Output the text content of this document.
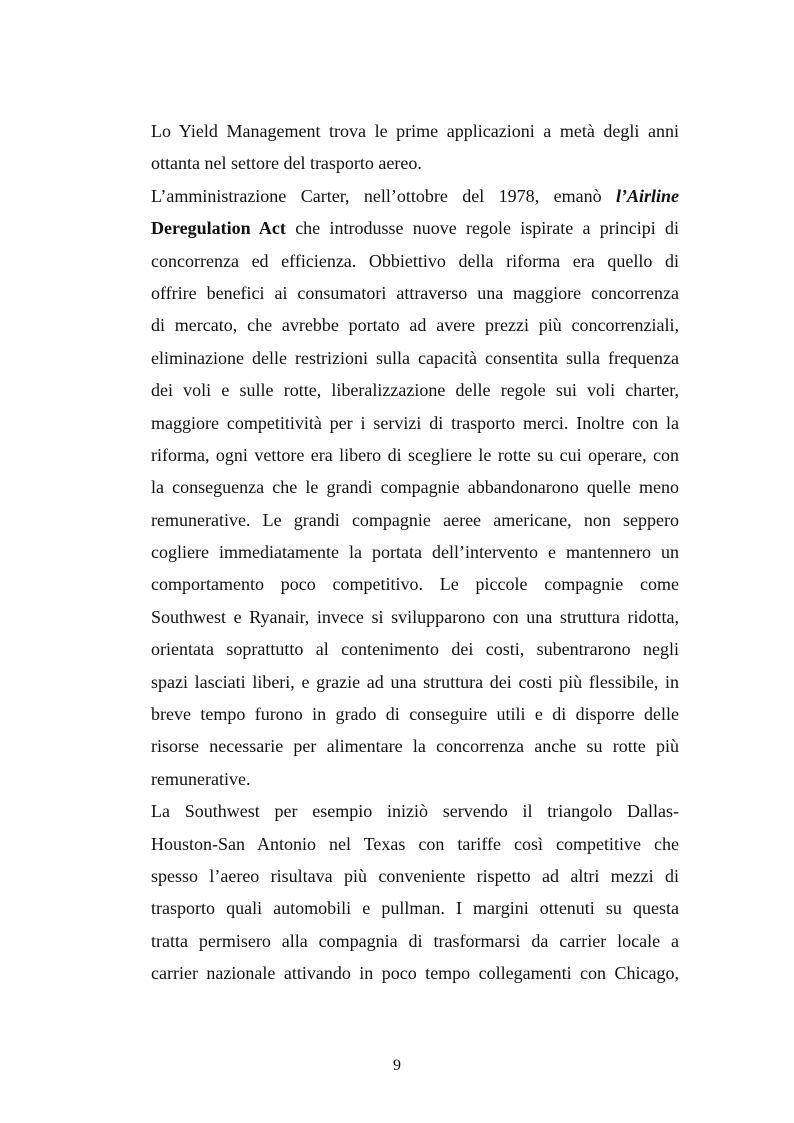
Lo Yield Management trova le prime applicazioni a metà degli anni
ottanta nel settore del trasporto aereo.
L’amministrazione Carter, nell’ottobre del 1978, emanò l’Airline
Deregulation Act che introdusse nuove regole ispirate a principi di
concorrenza ed efficienza. Obbiettivo della riforma era quello di
offrire benefici ai consumatori attraverso una maggiore concorrenza
di mercato, che avrebbe portato ad avere prezzi più concorrenziali,
eliminazione delle restrizioni sulla capacità consentita sulla frequenza
dei voli e sulle rotte, liberalizzazione delle regole sui voli charter,
maggiore competitività per i servizi di trasporto merci. Inoltre con la
riforma, ogni vettore era libero di scegliere le rotte su cui operare, con
la conseguenza che le grandi compagnie abbandonarono quelle meno
remunerative. Le grandi compagnie aeree americane, non seppero
cogliere immediatamente la portata dell’intervento e mantennero un
comportamento poco competitivo. Le piccole compagnie come
Southwest e Ryanair, invece si svilupparono con una struttura ridotta,
orientata soprattutto al contenimento dei costi, subentrarono negli
spazi lasciati liberi, e grazie ad una struttura dei costi più flessibile, in
breve tempo furono in grado di conseguire utili e di disporre delle
risorse necessarie per alimentare la concorrenza anche su rotte più
remunerative.
La Southwest per esempio iniziò servendo il triangolo Dallas-
Houston-San Antonio nel Texas con tariffe così competitive che
spesso l’aereo risultava più conveniente rispetto ad altri mezzi di
trasporto quali automobili e pullman. I margini ottenuti su questa
tratta permisero alla compagnia di trasformarsi da carrier locale a
carrier nazionale attivando in poco tempo collegamenti con Chicago,
9
